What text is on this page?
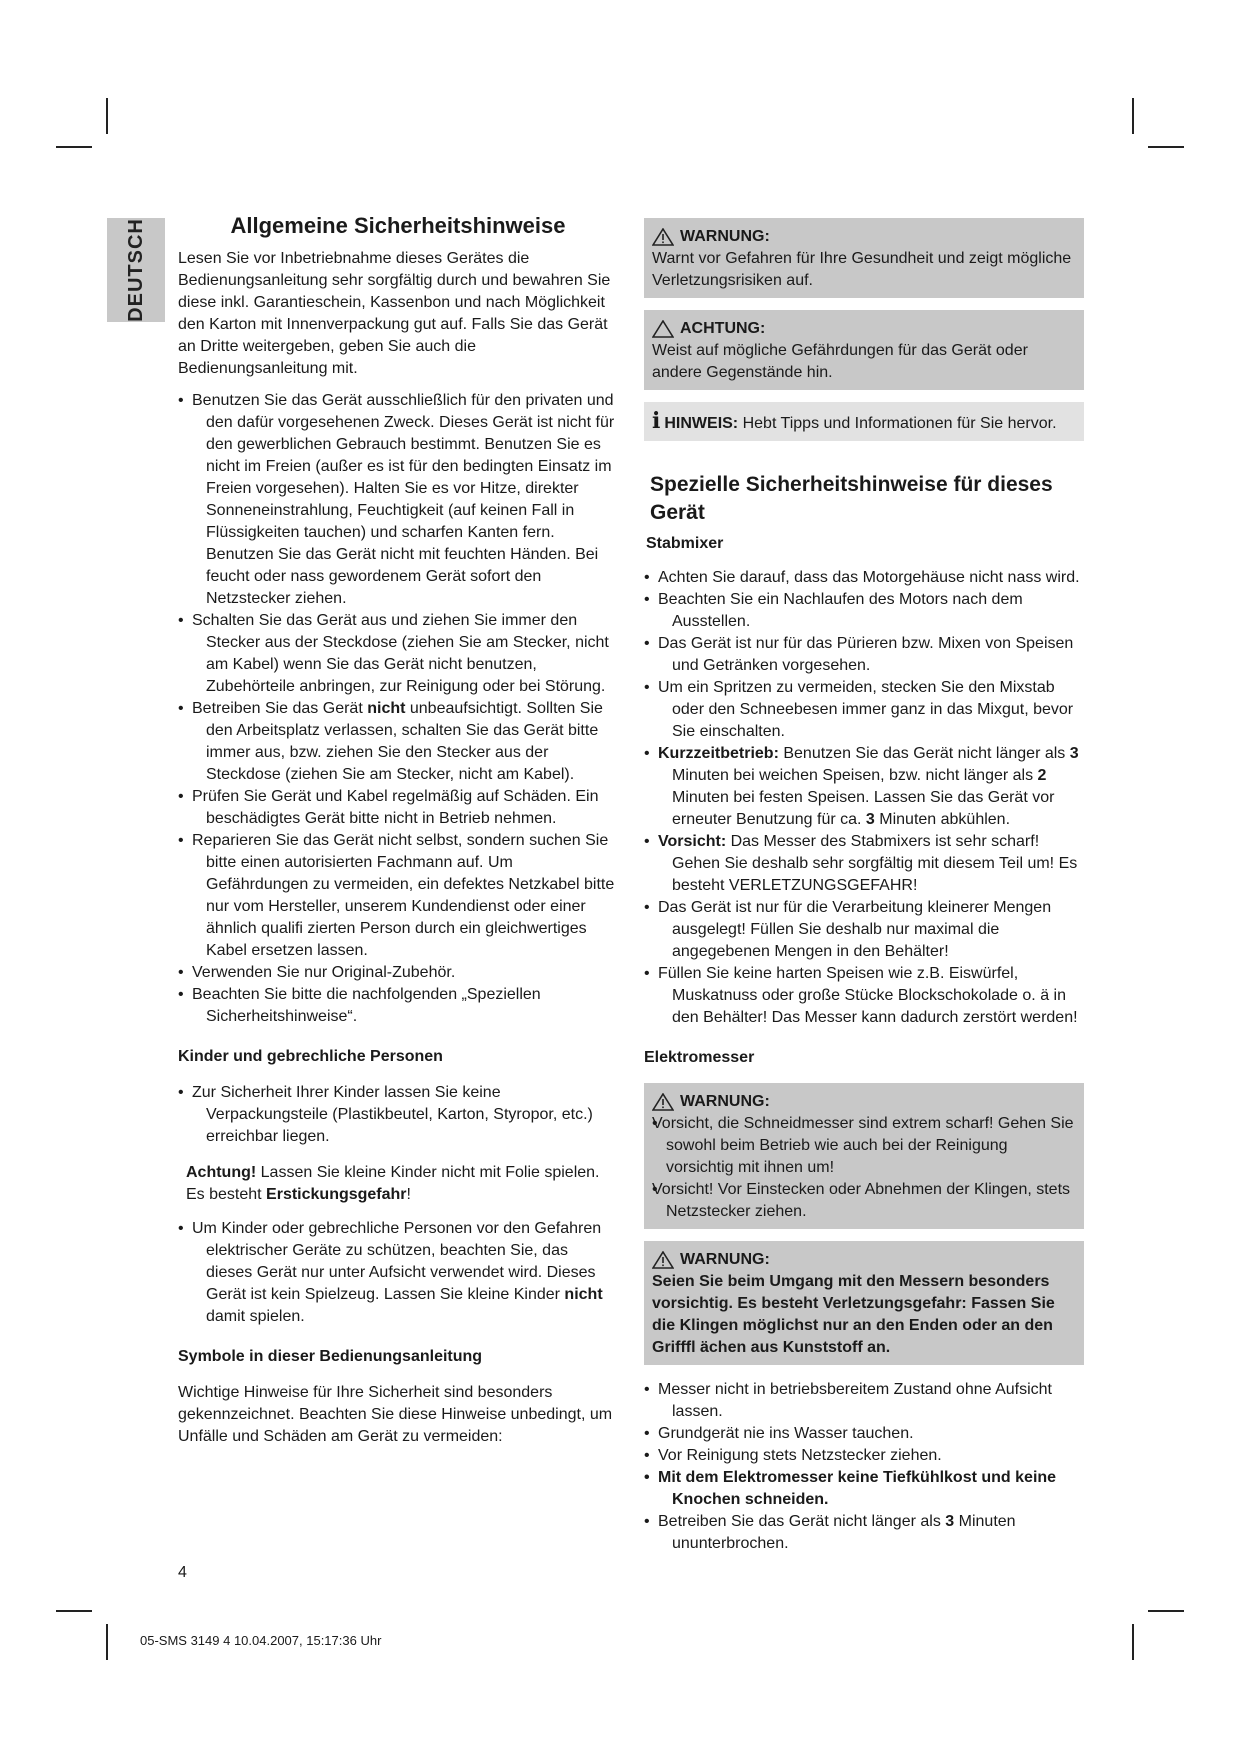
DEUTSCH	Allgemeine Sicherheitshinweise

Lesen Sie vor Inbetriebnahme dieses Gerätes die Bedienungsanleitung sehr sorgfältig durch und bewahren Sie diese inkl. Garantieschein, Kassenbon und nach Möglichkeit den Karton mit Innenverpackung gut auf. Falls Sie das Gerät an Dritte weitergeben, geben Sie auch die Bedienungsanleitung mit.

• Benutzen Sie das Gerät ausschließlich für den privaten und den dafür vorgesehenen Zweck. Dieses Gerät ist nicht für den gewerblichen Gebrauch bestimmt. Benutzen Sie es nicht im Freien (außer es ist für den bedingten Einsatz im Freien vorgesehen). Halten Sie es vor Hitze, direkter Sonneneinstrahlung, Feuchtigkeit (auf keinen Fall in Flüssigkeiten tauchen) und scharfen Kanten fern. Benutzen Sie das Gerät nicht mit feuchten Händen. Bei feucht oder nass gewordenem Gerät sofort den Netzstecker ziehen.
• Schalten Sie das Gerät aus und ziehen Sie immer den Stecker aus der Steckdose (ziehen Sie am Stecker, nicht am Kabel) wenn Sie das Gerät nicht benutzen, Zubehörteile anbringen, zur Reinigung oder bei Störung.
• Betreiben Sie das Gerät nicht unbeaufsichtigt. Sollten Sie den Arbeitsplatz verlassen, schalten Sie das Gerät bitte immer aus, bzw. ziehen Sie den Stecker aus der Steckdose (ziehen Sie am Stecker, nicht am Kabel).
• Prüfen Sie Gerät und Kabel regelmäßig auf Schäden. Ein beschädigtes Gerät bitte nicht in Betrieb nehmen.
• Reparieren Sie das Gerät nicht selbst, sondern suchen Sie bitte einen autorisierten Fachmann auf. Um Gefährdungen zu vermeiden, ein defektes Netzkabel bitte nur vom Hersteller, unserem Kundendienst oder einer ähnlich qualifi zierten Person durch ein gleichwertiges Kabel ersetzen lassen.
• Verwenden Sie nur Original-Zubehör.
• Beachten Sie bitte die nachfolgenden „Speziellen Sicherheitshinweise“.
Kinder und gebrechliche Personen
• Zur Sicherheit Ihrer Kinder lassen Sie keine Verpackungsteile (Plastikbeutel, Karton, Styropor, etc.) erreichbar liegen.

Achtung! Lassen Sie kleine Kinder nicht mit Folie spielen. Es besteht Erstickungsgefahr!

• Um Kinder oder gebrechliche Personen vor den Gefahren elektrischer Geräte zu schützen, beachten Sie, das dieses Gerät nur unter Aufsicht verwendet wird. Dieses Gerät ist kein Spielzeug. Lassen Sie kleine Kinder nicht damit spielen.
Symbole in dieser Bedienungsanleitung

Wichtige Hinweise für Ihre Sicherheit sind besonders gekennzeichnet. Beachten Sie diese Hinweise unbedingt, um Unfälle und Schäden am Gerät zu vermeiden:

WARNUNG:
Warnt vor Gefahren für Ihre Gesundheit und zeigt mögliche Verletzungsrisiken auf.
ACHTUNG:
Weist auf mögliche Gefährdungen für das Gerät oder andere Gegenstände hin.
i HINWEIS: Hebt Tipps und Informationen für Sie hervor.
Spezielle Sicherheitshinweise für dieses Gerät
Stabmixer
• Achten Sie darauf, dass das Motorgehäuse nicht nass wird.
• Beachten Sie ein Nachlaufen des Motors nach dem Ausstellen.
• Das Gerät ist nur für das Pürieren bzw. Mixen von Speisen und Getränken vorgesehen.
• Um ein Spritzen zu vermeiden, stecken Sie den Mixstab oder den Schneebesen immer ganz in das Mixgut, bevor Sie einschalten.
• Kurzzeitbetrieb: Benutzen Sie das Gerät nicht länger als 3 Minuten bei weichen Speisen, bzw. nicht länger als 2 Minuten bei festen Speisen. Lassen Sie das Gerät vor erneuter Benutzung für ca. 3 Minuten abkühlen.
• Vorsicht: Das Messer des Stabmixers ist sehr scharf! Gehen Sie deshalb sehr sorgfältig mit diesem Teil um! Es besteht VERLETZUNGSGEFAHR!
• Das Gerät ist nur für die Verarbeitung kleinerer Mengen ausgelegt! Füllen Sie deshalb nur maximal die angegebenen Mengen in den Behälter!
• Füllen Sie keine harten Speisen wie z.B. Eiswürfel, Muskatnuss oder große Stücke Blockschokolade o. ä in den Behälter! Das Messer kann dadurch zerstört werden!
Elektromesser
WARNUNG:
• Vorsicht, die Schneidmesser sind extrem scharf! Gehen Sie sowohl beim Betrieb wie auch bei der Reinigung vorsichtig mit ihnen um!
• Vorsicht! Vor Einstecken oder Abnehmen der Klingen, stets Netzstecker ziehen.
WARNUNG:
Seien Sie beim Umgang mit den Messern besonders vorsichtig. Es besteht Verletzungsgefahr: Fassen Sie die Klingen möglichst nur an den Enden oder an den Grifffl ächen aus Kunststoff an.
• Messer nicht in betriebsbereitem Zustand ohne Aufsicht lassen.
• Grundgerät nie ins Wasser tauchen.
• Vor Reinigung stets Netzstecker ziehen.
• Mit dem Elektromesser keine Tiefkühlkost und keine Knochen schneiden.
• Betreiben Sie das Gerät nicht länger als 3 Minuten ununterbrochen.
4
05-SMS 3149 4 10.04.2007, 15:17:36 Uhr
